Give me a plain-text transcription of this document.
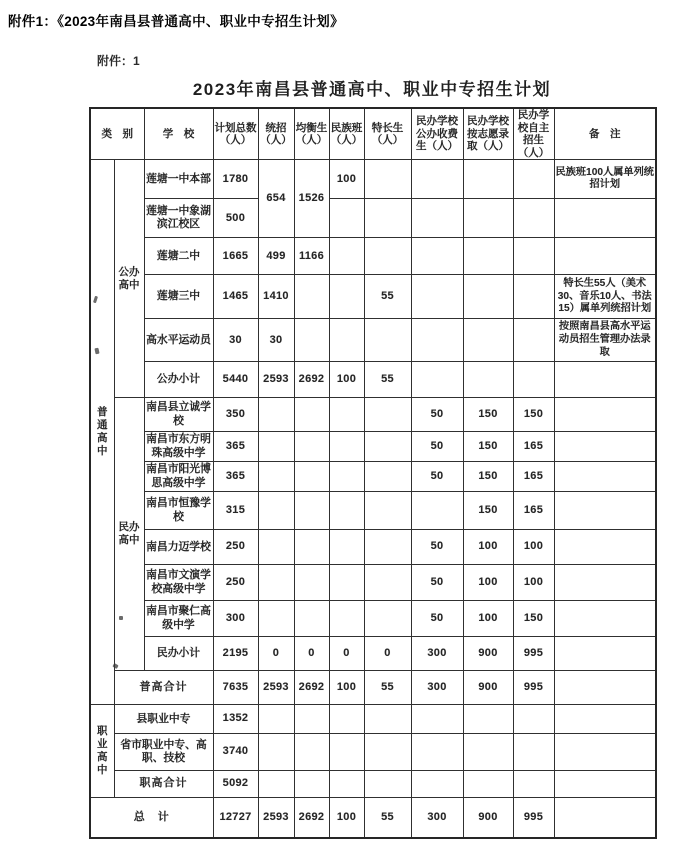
附件1：《2023年南昌县普通高中、职业中专招生计划》
附件：1
2023年南昌县普通高中、职业中专招生计划
类　别		学　校	计划总数（人）	统招（人）	均衡生（人）	民族班（人）	特长生（人）	民办学校公办收费生（人）	民办学校按志愿录取（人）	民办学校自主招生（人）	备　注
普通高中	公办高中	莲塘一中本部	1780	654	1526	100					民族班100人属单列统招计划
		莲塘一中象湖滨江校区	500								
		莲塘二中	1665	499	1166						
		莲塘三中	1465	1410			55				特长生55人（美术30、音乐10人、书法15）属单列统招计划
		高水平运动员	30	30							按照南昌县高水平运动员招生管理办法录取
		公办小计	5440	2593	2692	100	55				
	民办高中	南昌县立诚学校	350					50	150	150	
		南昌市东方明珠高级中学	365					50	150	165	
		南昌市阳光博思高级中学	365					50	150	165	
		南昌市恒豫学校	315						150	165	
		南昌力迈学校	250					50	100	100	
		南昌市文演学校高级中学	250					50	100	100	
		南昌市聚仁高级中学	300					50	100	150	
		民办小计	2195	0	0	0	0	300	900	995	
	普高合计		7635	2593	2692	100	55	300	900	995	
职业高中	县职业中专		1352								
	省市职业中专、高职、技校		3740								
	职高合计		5092								
总　计			12727	2593	2692	100	55	300	900	995	
